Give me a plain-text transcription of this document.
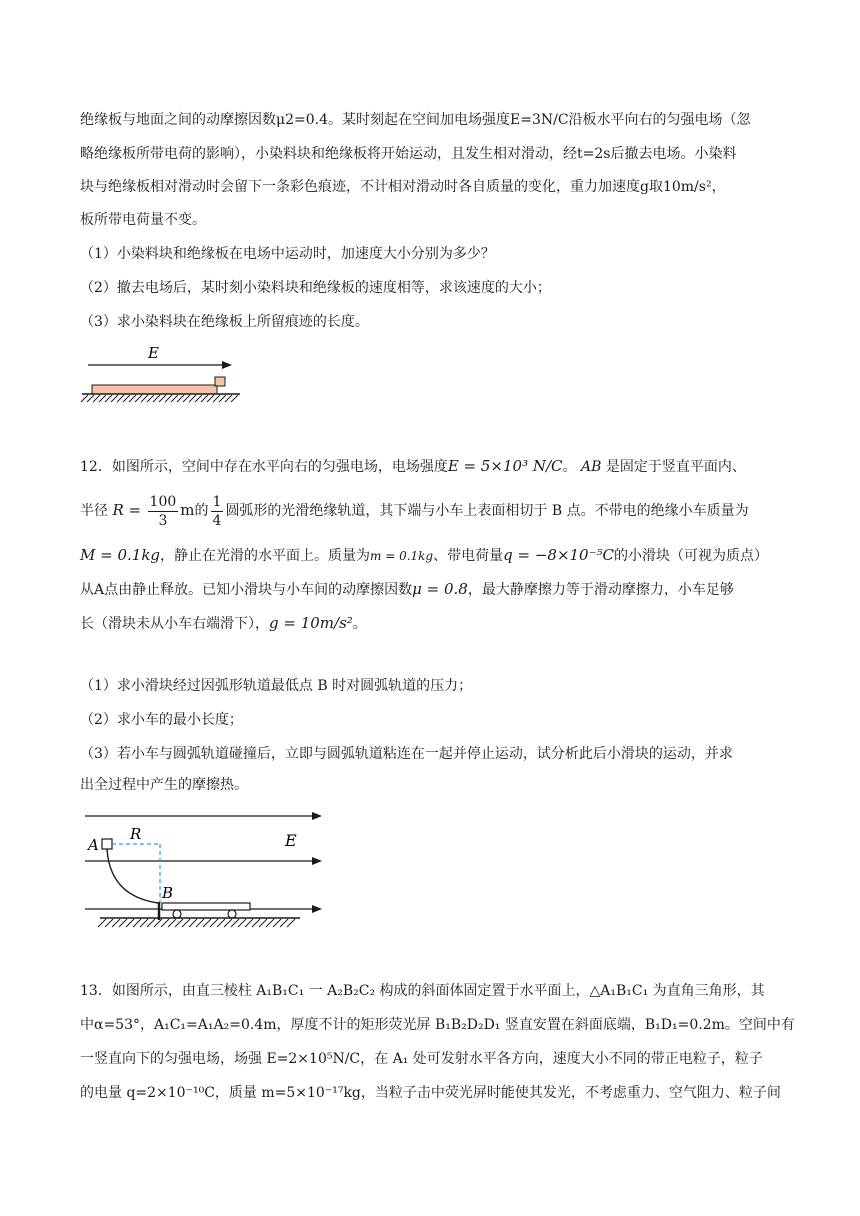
绝缘板与地面之间的动摩擦因数μ2=0.4。某时刻起在空间加电场强度E=3N/C沿板水平向右的匀强电场（忽

略绝缘板所带电荷的影响），小染料块和绝缘板将开始运动，且发生相对滑动，经t=2s后撤去电场。小染料

块与绝缘板相对滑动时会留下一条彩色痕迹，不计相对滑动时各自质量的变化，重力加速度g取10m/s²，

板所带电荷量不变。

（1）小染料块和绝缘板在电场中运动时，加速度大小分别为多少？

（2）撤去电场后，某时刻小染料块和绝缘板的速度相等，求该速度的大小；

（3）求小染料块在绝缘板上所留痕迹的长度。

E

12．如图所示，空间中存在水平向右的匀强电场，电场强度E = 5×10³ N/C。 AB 是固定于竖直平面内、

半径 $R = \frac{100}{3}$ m的 $\frac{1}{4}$ 圆弧形的光滑绝缘轨道，其下端与小车上表面相切于 B 点。不带电的绝缘小车质量为

M = 0.1kg，静止在光滑的水平面上。质量为m = 0.1kg、带电荷量q = −8×10⁻⁵C的小滑块（可视为质点）

从A点由静止释放。已知小滑块与小车间的动摩擦因数μ = 0.8，最大静摩擦力等于滑动摩擦力，小车足够

长（滑块未从小车右端滑下），g = 10m/s²。

（1）求小滑块经过因弧形轨道最低点 B 时对圆弧轨道的压力；

（2）求小车的最小长度；

（3）若小车与圆弧轨道碰撞后，立即与圆弧轨道粘连在一起并停止运动，试分析此后小滑块的运动，并求

出全过程中产生的摩擦热。

E
A
R
B

13．如图所示，由直三棱柱 A₁B₁C₁ 一 A₂B₂C₂ 构成的斜面体固定置于水平面上，△A₁B₁C₁ 为直角三角形，其

中α=53°，A₁C₁=A₁A₂=0.4m，厚度不计的矩形荧光屏 B₁B₂D₂D₁ 竖直安置在斜面底端，B₁D₁=0.2m。空间中有

一竖直向下的匀强电场，场强 E=2×10⁵N/C，在 A₁ 处可发射水平各方向，速度大小不同的带正电粒子，粒子

的电量 q=2×10⁻¹⁰C，质量 m=5×10⁻¹⁷kg，当粒子击中荧光屏时能使其发光，不考虑重力、空气阻力、粒子间
